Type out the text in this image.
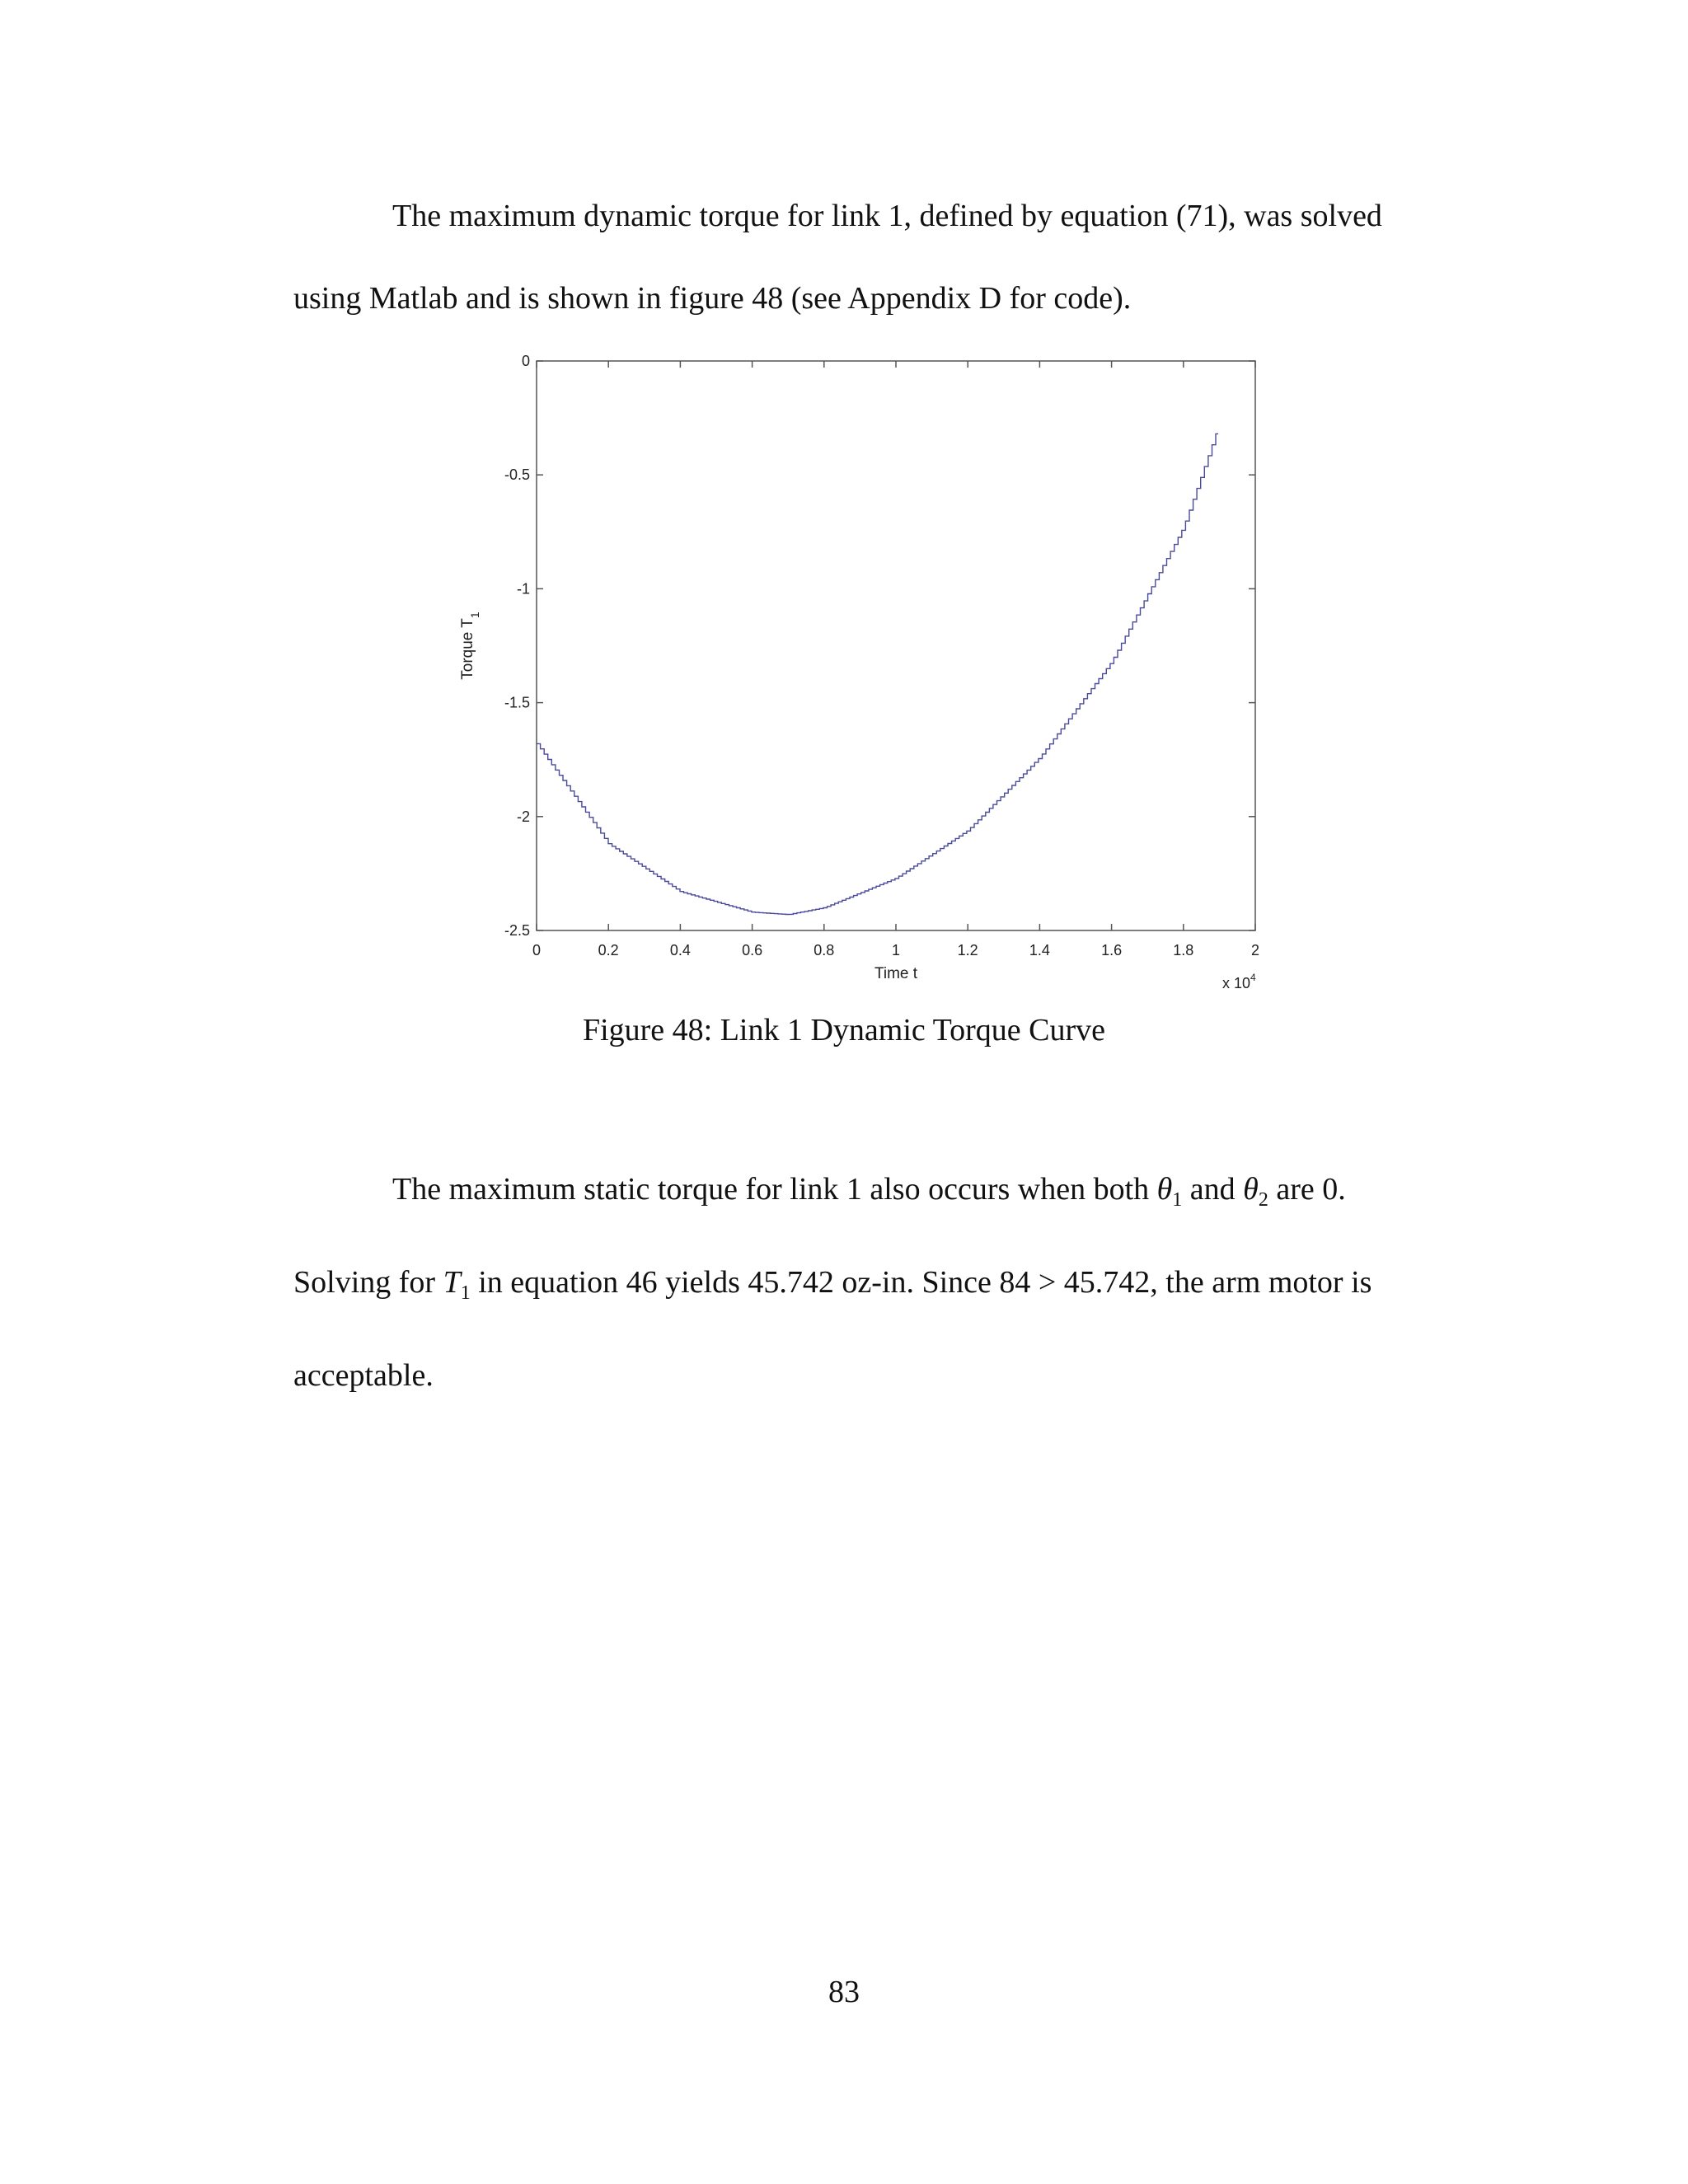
The maximum dynamic torque for link 1, defined by equation (71), was solved using Matlab and is shown in figure 48 (see Appendix D for code).
0	0.2	0.4	0.6	0.8	1	1.2	1.4	1.6	1.8	2
0
-0.5
-1
-1.5
-2
-2.5
Time t
x $10^4$
Torque $T_1$
Figure 48: Link 1 Dynamic Torque Curve
The maximum static torque for link 1 also occurs when both $\theta_1$ and $\theta_2$ are 0. Solving for $T_1$ in equation 46 yields 45.742 oz-in. Since 84 > 45.742, the arm motor is acceptable.
83
